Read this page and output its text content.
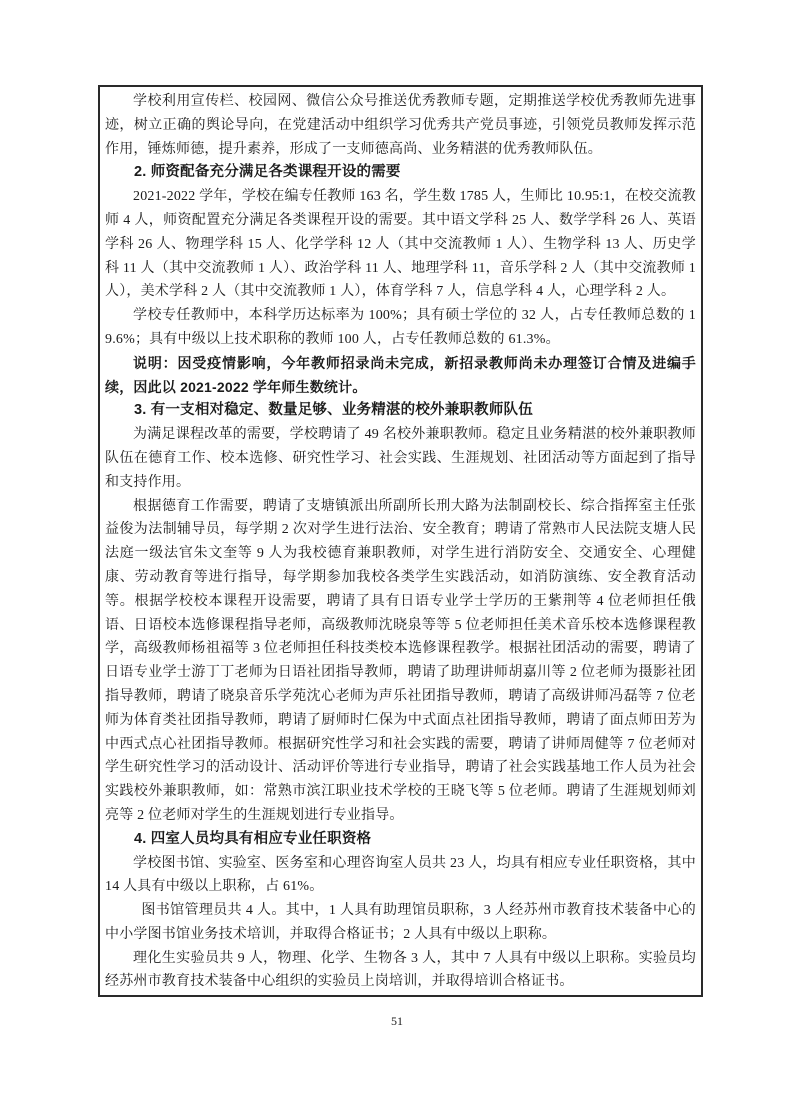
学校利用宣传栏、校园网、微信公众号推送优秀教师专题，定期推送学校优秀教师先进事迹，树立正确的舆论导向，在党建活动中组织学习优秀共产党员事迹，引领党员教师发挥示范作用，锤炼师德，提升素养，形成了一支师德高尚、业务精湛的优秀教师队伍。

2. 师资配备充分满足各类课程开设的需要

2021-2022 学年，学校在编专任教师 163 名，学生数 1785 人，生师比 10.95:1，在校交流教师 4 人，师资配置充分满足各类课程开设的需要。其中语文学科 25 人、数学学科 26 人、英语学科 26 人、物理学科 15 人、化学学科 12 人（其中交流教师 1 人）、生物学科 13 人、历史学科 11 人（其中交流教师 1 人）、政治学科 11 人、地理学科 11，音乐学科 2 人（其中交流教师 1 人），美术学科 2 人（其中交流教师 1 人），体育学科 7 人，信息学科 4 人，心理学科 2 人。

学校专任教师中，本科学历达标率为 100%；具有硕士学位的 32 人，占专任教师总数的 19.6%；具有中级以上技术职称的教师 100 人，占专任教师总数的 61.3%。

说明：因受疫情影响，今年教师招录尚未完成，新招录教师尚未办理签订合情及进编手续，因此以 2021-2022 学年师生数统计。

3. 有一支相对稳定、数量足够、业务精湛的校外兼职教师队伍

为满足课程改革的需要，学校聘请了 49 名校外兼职教师。稳定且业务精湛的校外兼职教师队伍在德育工作、校本选修、研究性学习、社会实践、生涯规划、社团活动等方面起到了指导和支持作用。

根据德育工作需要，聘请了支塘镇派出所副所长刑大路为法制副校长、综合指挥室主任张益俊为法制辅导员，每学期 2 次对学生进行法治、安全教育；聘请了常熟市人民法院支塘人民法庭一级法官朱文奎等 9 人为我校德育兼职教师，对学生进行消防安全、交通安全、心理健康、劳动教育等进行指导，每学期参加我校各类学生实践活动，如消防演练、安全教育活动等。根据学校校本课程开设需要，聘请了具有日语专业学士学历的王紫荆等 4 位老师担任俄语、日语校本选修课程指导老师，高级教师沈晓泉等等 5 位老师担任美术音乐校本选修课程教学，高级教师杨祖福等 3 位老师担任科技类校本选修课程教学。根据社团活动的需要，聘请了日语专业学士游丁丁老师为日语社团指导教师，聘请了助理讲师胡嘉川等 2 位老师为摄影社团指导教师，聘请了晓泉音乐学苑沈心老师为声乐社团指导教师，聘请了高级讲师冯磊等 7 位老师为体育类社团指导教师，聘请了厨师时仁保为中式面点社团指导教师，聘请了面点师田芳为中西式点心社团指导教师。根据研究性学习和社会实践的需要，聘请了讲师周健等 7 位老师对学生研究性学习的活动设计、活动评价等进行专业指导，聘请了社会实践基地工作人员为社会实践校外兼职教师，如：常熟市滨江职业技术学校的王晓飞等 5 位老师。聘请了生涯规划师刘亮等 2 位老师对学生的生涯规划进行专业指导。

4. 四室人员均具有相应专业任职资格

学校图书馆、实验室、医务室和心理咨询室人员共 23 人，均具有相应专业任职资格，其中 14 人具有中级以上职称，占 61%。

图书馆管理员共 4 人。其中，1 人具有助理馆员职称，3 人经苏州市教育技术装备中心的中小学图书馆业务技术培训，并取得合格证书；2 人具有中级以上职称。

理化生实验员共 9 人，物理、化学、生物各 3 人，其中 7 人具有中级以上职称。实验员均经苏州市教育技术装备中心组织的实验员上岗培训，并取得培训合格证书。

51
